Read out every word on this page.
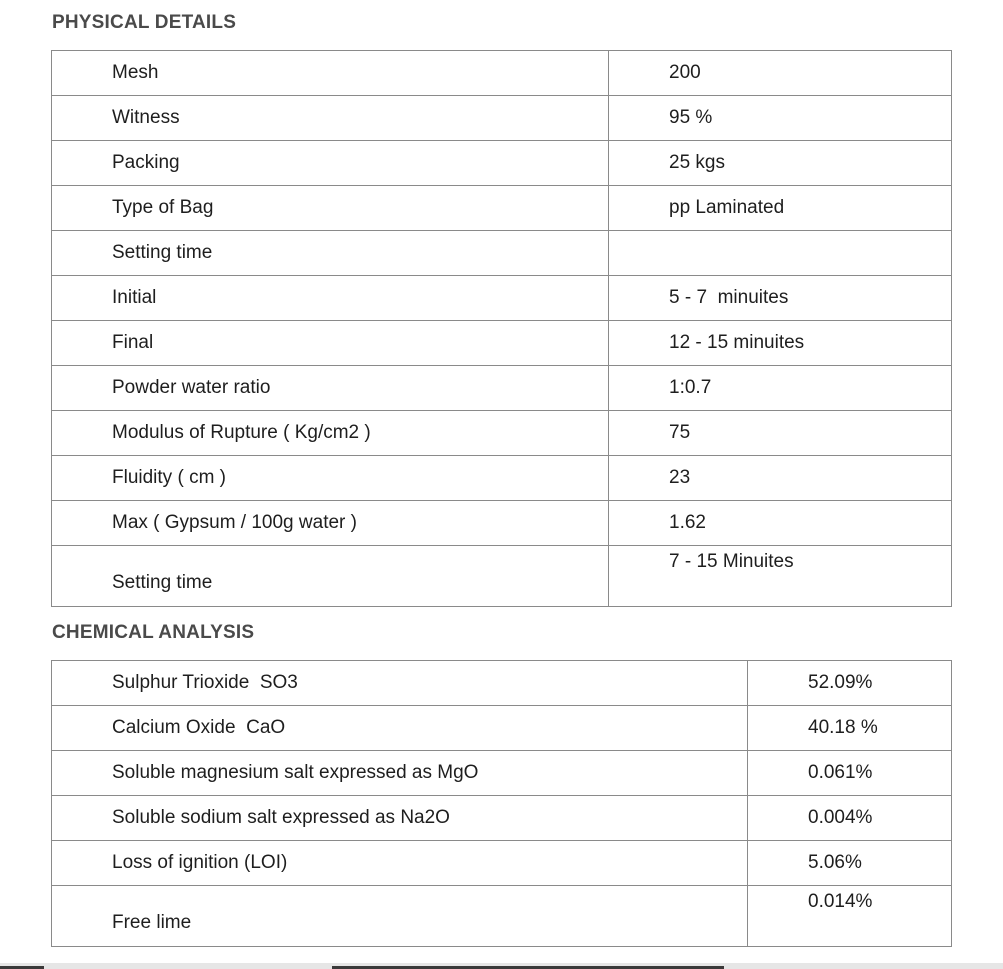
PHYSICAL DETAILS
Mesh	200
Witness	95 %
Packing	25 kgs
Type of Bag	pp Laminated
Setting time	
Initial	5 - 7  minuites
Final	12 - 15 minuites
Powder water ratio	1:0.7
Modulus of Rupture ( Kg/cm2 )	75
Fluidity ( cm )	23
Max ( Gypsum / 100g water )	1.62
Setting time	7 - 15 Minuites
CHEMICAL ANALYSIS
Sulphur Trioxide  SO3	52.09%
Calcium Oxide  CaO	40.18 %
Soluble magnesium salt expressed as MgO	0.061%
Soluble sodium salt expressed as Na2O	0.004%
Loss of ignition (LOI)	5.06%
Free lime	0.014%
